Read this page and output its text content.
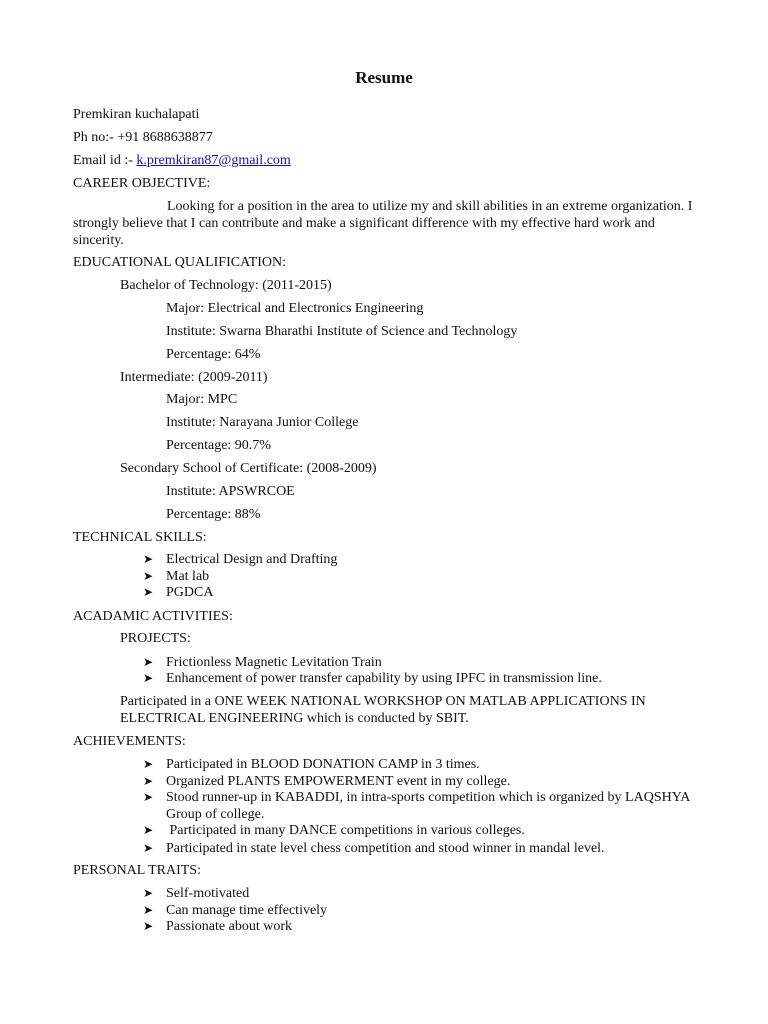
Resume
Premkiran kuchalapati
Ph no:- +91 8688638877
Email id :- k.premkiran87@gmail.com
CAREER OBJECTIVE:
Looking for a position in the area to utilize my and skill abilities in an extreme organization. I strongly believe that I can contribute and make a significant difference with my effective hard work and sincerity.
EDUCATIONAL QUALIFICATION:
Bachelor of Technology: (2011-2015)
Major: Electrical and Electronics Engineering
Institute: Swarna Bharathi Institute of Science and Technology
Percentage: 64%
Intermediate: (2009-2011)
Major: MPC
Institute: Narayana Junior College
Percentage: 90.7%
Secondary School of Certificate: (2008-2009)
Institute: APSWRCOE
Percentage: 88%
TECHNICAL SKILLS:
➤ Electrical Design and Drafting
➤ Mat lab
➤ PGDCA
ACADAMIC ACTIVITIES:
PROJECTS:
➤ Frictionless Magnetic Levitation Train
➤ Enhancement of power transfer capability by using IPFC in transmission line.
Participated in a ONE WEEK NATIONAL WORKSHOP ON MATLAB APPLICATIONS IN ELECTRICAL ENGINEERING which is conducted by SBIT.
ACHIEVEMENTS:
➤ Participated in BLOOD DONATION CAMP in 3 times.
➤ Organized PLANTS EMPOWERMENT event in my college.
➤ Stood runner-up in KABADDI, in intra-sports competition which is organized by LAQSHYA Group of college.
➤ Participated in many DANCE competitions in various colleges.
➤ Participated in state level chess competition and stood winner in mandal level.
PERSONAL TRAITS:
➤ Self-motivated
➤ Can manage time effectively
➤ Passionate about work
